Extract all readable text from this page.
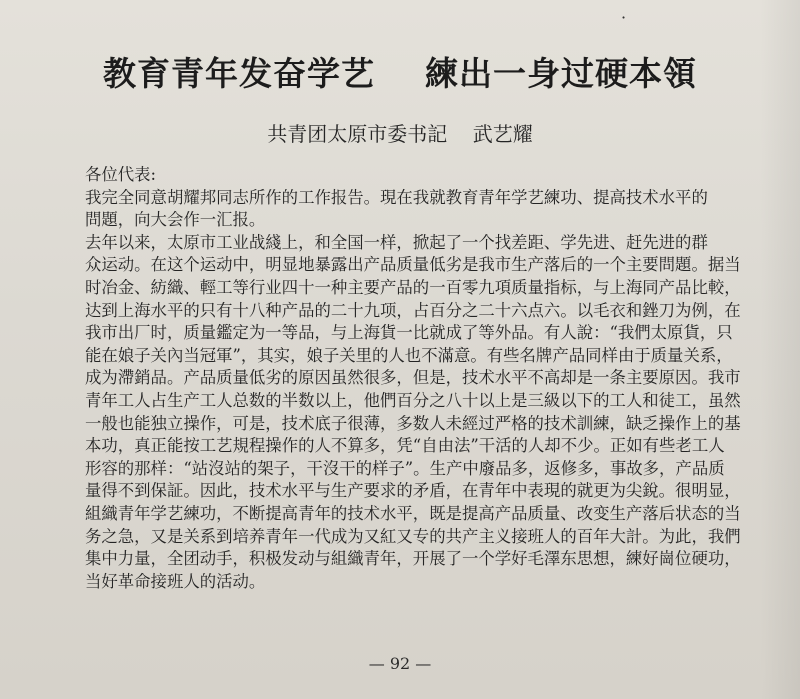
·
教育青年发奋学艺    練出一身过硬本領
共青团太原市委书記    武艺耀
各位代表:
我完全同意胡耀邦同志所作的工作报告。現在我就教育青年学艺練功、提高技术水平的
問題，向大会作一汇报。
去年以来，太原市工业战綫上，和全国一样，掀起了一个找差距、学先进、赶先进的群
众运动。在这个运动中，明显地暴露出产品质量低劣是我市生产落后的一个主要問題。据当
时冶金、紡織、輕工等行业四十一种主要产品的一百零九項质量指标，与上海同产品比較，
达到上海水平的只有十八种产品的二十九项，占百分之二十六点六。以毛衣和銼刀为例，在
我市出厂时，质量鑑定为一等品，与上海貨一比就成了等外品。有人說：“我們太原貨，只
能在娘子关內当冠軍”，其实，娘子关里的人也不滿意。有些名牌产品同样由于质量关系，
成为滯銷品。产品质量低劣的原因虽然很多，但是，技术水平不高却是一条主要原因。我市
青年工人占生产工人总数的半数以上，他們百分之八十以上是三級以下的工人和徒工，虽然
一般也能独立操作，可是，技术底子很薄，多数人未經过严格的技术訓練，缺乏操作上的基
本功，真正能按工艺規程操作的人不算多，凭“自由法”干活的人却不少。正如有些老工人
形容的那样：“站沒站的架子，干沒干的样子”。生产中廢品多，返修多，事故多，产品质
量得不到保証。因此，技术水平与生产要求的矛盾，在青年中表現的就更为尖銳。很明显，
組織青年学艺練功，不断提高青年的技术水平，既是提高产品质量、改变生产落后状态的当
务之急，又是关系到培养青年一代成为又紅又专的共产主义接班人的百年大計。为此，我們
集中力量，全团动手，积极发动与組織青年，开展了一个学好毛澤东思想，練好崗位硬功，
当好革命接班人的活动。
— 92 —
